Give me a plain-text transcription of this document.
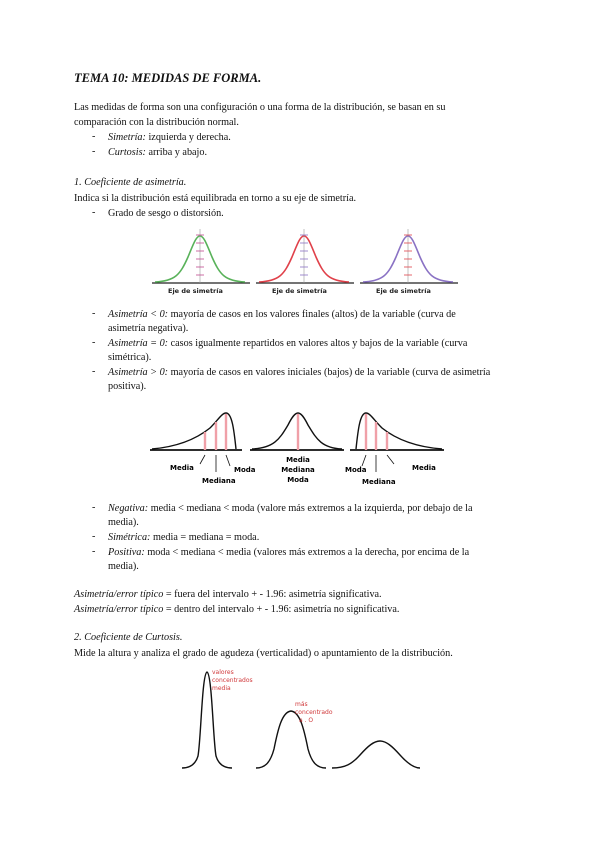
TEMA 10: MEDIDAS DE FORMA.
Las medidas de forma son una configuración o una forma de la distribución, se basan en su
comparación con la distribución normal.
- Simetría: izquierda y derecha.
- Curtosis: arriba y abajo.
1. Coeficiente de asimetría.
Indica si la distribución está equilibrada en torno a su eje de simetría.
- Grado de sesgo o distorsión.
Eje de simetría	Eje de simetría	Eje de simetría
- Asimetría < 0: mayoría de casos en los valores finales (altos) de la variable (curva de
asimetría negativa).
- Asimetría = 0: casos igualmente repartidos en valores altos y bajos de la variable (curva
simétrica).
- Asimetría > 0: mayoría de casos en valores iniciales (bajos) de la variable (curva de asimetría
positiva).
Media
Mediana
Moda
Media
Mediana
Moda
Moda
Mediana
Media
- Negativa: media < mediana < moda (valore más extremos a la izquierda, por debajo de la
media).
- Simétrica: media = mediana = moda.
- Positiva: moda < mediana < media (valores más extremos a la derecha, por encima de la
media).
Asimetría/error típico = fuera del intervalo + - 1.96: asimetría significativa.
Asimetría/error típico = dentro del intervalo + - 1.96: asimetría no significativa.
2. Coeficiente de Curtosis.
Mide la altura y analiza el grado de agudeza (verticalidad) o apuntamiento de la distribución.
valores
concentrados
media
más
concentrado
a . O
